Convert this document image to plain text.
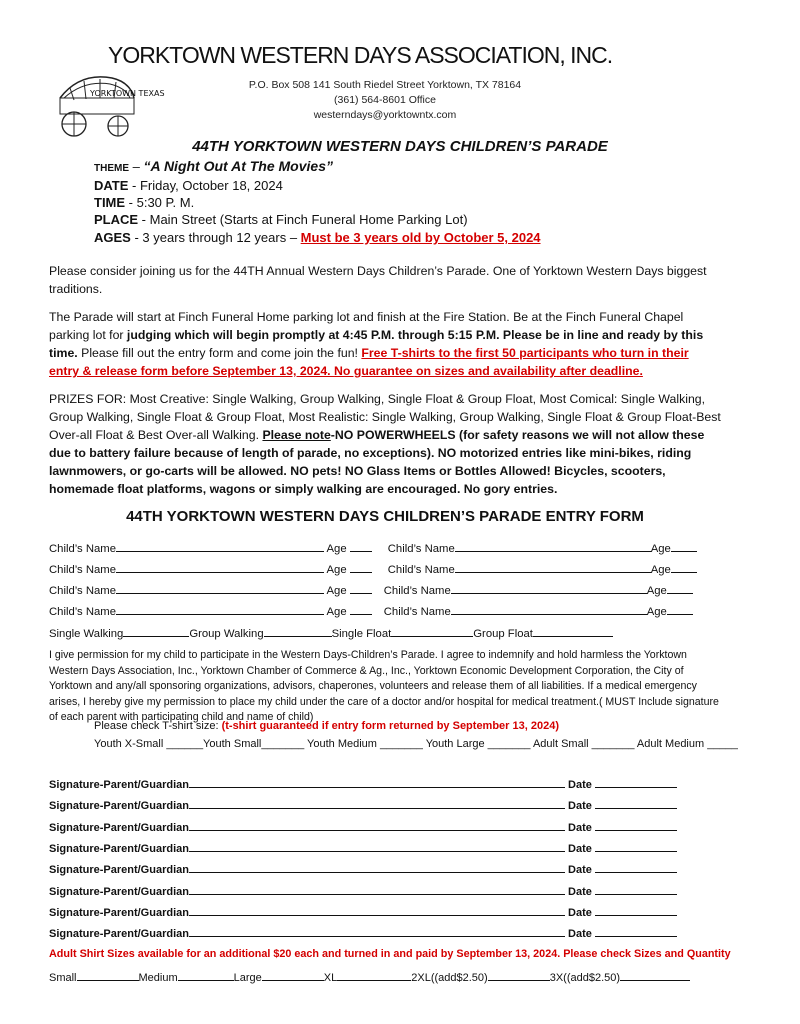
YORKTOWN WESTERN DAYS ASSOCIATION, INC.
YORKTOWN TEXAS
P.O. Box 508 141 South Riedel Street Yorktown, TX 78164
(361) 564-8601 Office
westerndays@yorktowntx.com
44TH YORKTOWN WESTERN DAYS CHILDREN’S PARADE
THEME – “A Night Out At The Movies”
DATE - Friday, October 18, 2024
TIME - 5:30 P. M.
PLACE - Main Street (Starts at Finch Funeral Home Parking Lot)
AGES - 3 years through 12 years – Must be 3 years old by October 5, 2024
Please consider joining us for the 44TH Annual Western Days Children’s Parade. One of Yorktown Western Days biggest traditions.
The Parade will start at Finch Funeral Home parking lot and finish at the Fire Station. Be at the Finch Funeral Chapel parking lot for judging which will begin promptly at 4:45 P.M. through 5:15 P.M. Please be in line and ready by this time. Please fill out the entry form and come join the fun! Free T-shirts to the first 50 participants who turn in their entry & release form before September 13, 2024. No guarantee on sizes and availability after deadline.
PRIZES FOR: Most Creative: Single Walking, Group Walking, Single Float & Group Float, Most Comical: Single Walking, Group Walking, Single Float & Group Float, Most Realistic: Single Walking, Group Walking, Single Float & Group Float-Best Over-all Float & Best Over-all Walking. Please note-NO POWERWHEELS (for safety reasons we will not allow these due to battery failure because of length of parade, no exceptions). NO motorized entries like mini-bikes, riding lawnmowers, or go-carts will be allowed. NO pets! NO Glass Items or Bottles Allowed! Bicycles, scooters, homemade float platforms, wagons or simply walking are encouraged. No gory entries.
44TH YORKTOWN WESTERN DAYS CHILDREN’S PARADE ENTRY FORM
Child’s Name	Age	Child’s Name	Age
Child’s Name	Age	Child’s Name	Age
Child’s Name	Age	Child’s Name	Age
Child’s Name	Age	Child’s Name	Age
Single Walking	Group Walking	Single Float	Group Float
I give permission for my child to participate in the Western Days-Children’s Parade. I agree to indemnify and hold harmless the Yorktown Western Days Association, Inc., Yorktown Chamber of Commerce & Ag., Inc., Yorktown Economic Development Corporation, the City of Yorktown and any/all sponsoring organizations, advisors, chaperones, volunteers and release them of all liabilities. If a medical emergency arises, I hereby give my permission to place my child under the care of a doctor and/or hospital for medical treatment.( MUST Include signature of each parent with participating child and name of child)
Please check T-shirt size: (t-shirt guaranteed if entry form returned by September 13, 2024)
Youth X-Small ______Youth Small_______ Youth Medium _______ Youth Large _______ Adult Small _______ Adult Medium _____
Signature-Parent/Guardian	Date
Signature-Parent/Guardian	Date
Signature-Parent/Guardian	Date
Signature-Parent/Guardian	Date
Signature-Parent/Guardian	Date
Signature-Parent/Guardian	Date
Signature-Parent/Guardian	Date
Signature-Parent/Guardian	Date
Adult Shirt Sizes available for an additional $20 each and turned in and paid by September 13, 2024. Please check Sizes and Quantity
Small	Medium	Large	XL	2XL((add$2.50)	3X((add$2.50)
